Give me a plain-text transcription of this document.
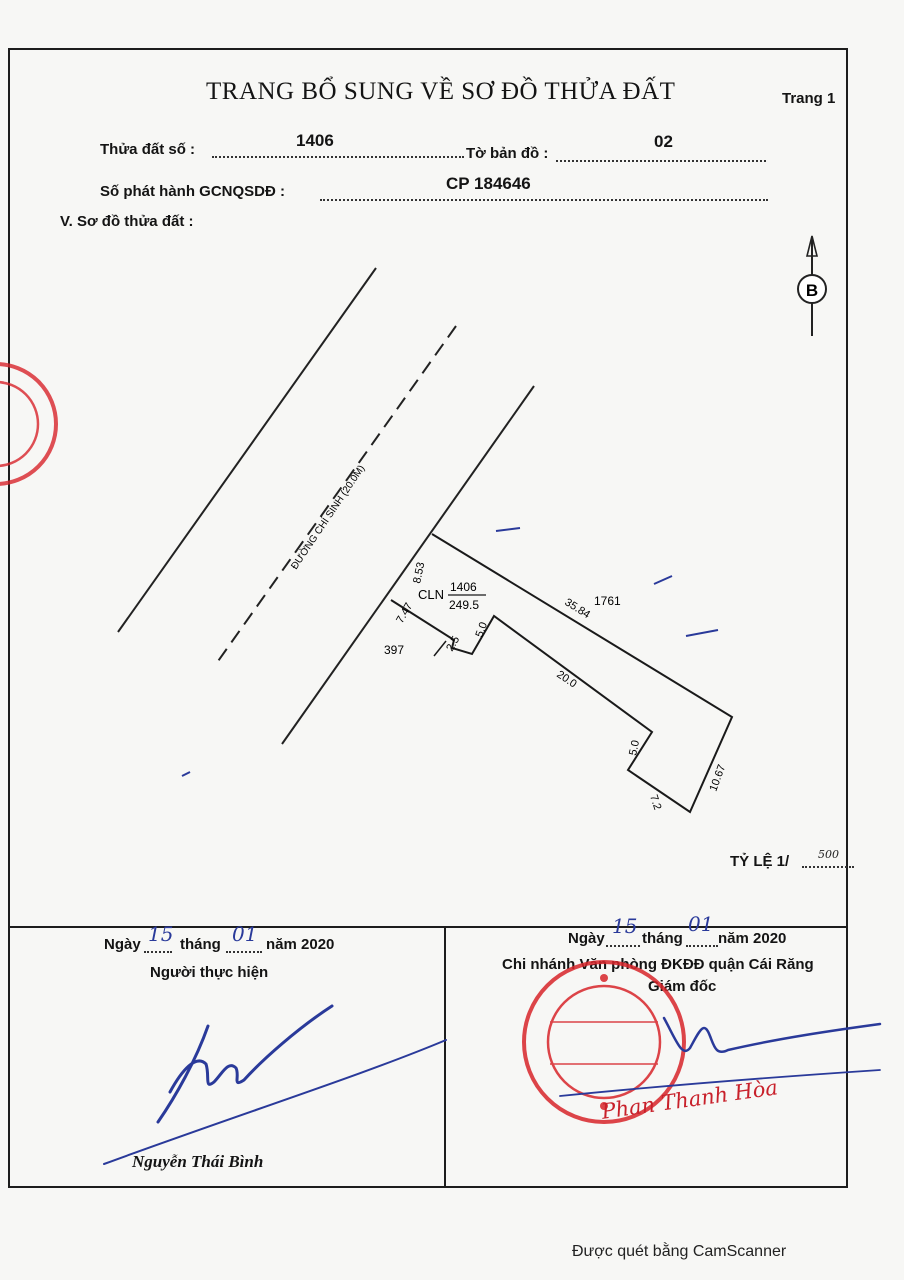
TRANG BỔ SUNG VỀ SƠ ĐỒ THỬA ĐẤT	Trang 1
Thửa đất số :	1406
Tờ bản đồ :
02
Số phát hành GCNQSDĐ :	CP 184646
V. Sơ đồ thửa đất :
B
ĐƯỜNG CHÍ SINH (20.0M)
CLN 1406
249.5	1761
397
8.53
7.47	35.84
5.0
2.5
20.0
5.0
7.2
10.67
TỶ LỆ 1/	500
Ngày 15 tháng 01 năm 2020
Người thực hiện
Nguyễn Thái Bình
Ngày
15
tháng
01
năm 2020
Chi nhánh Văn phòng ĐKĐĐ quận Cái Răng
Giám đốc
Phan Thanh Hòa
Được quét bằng CamScanner
